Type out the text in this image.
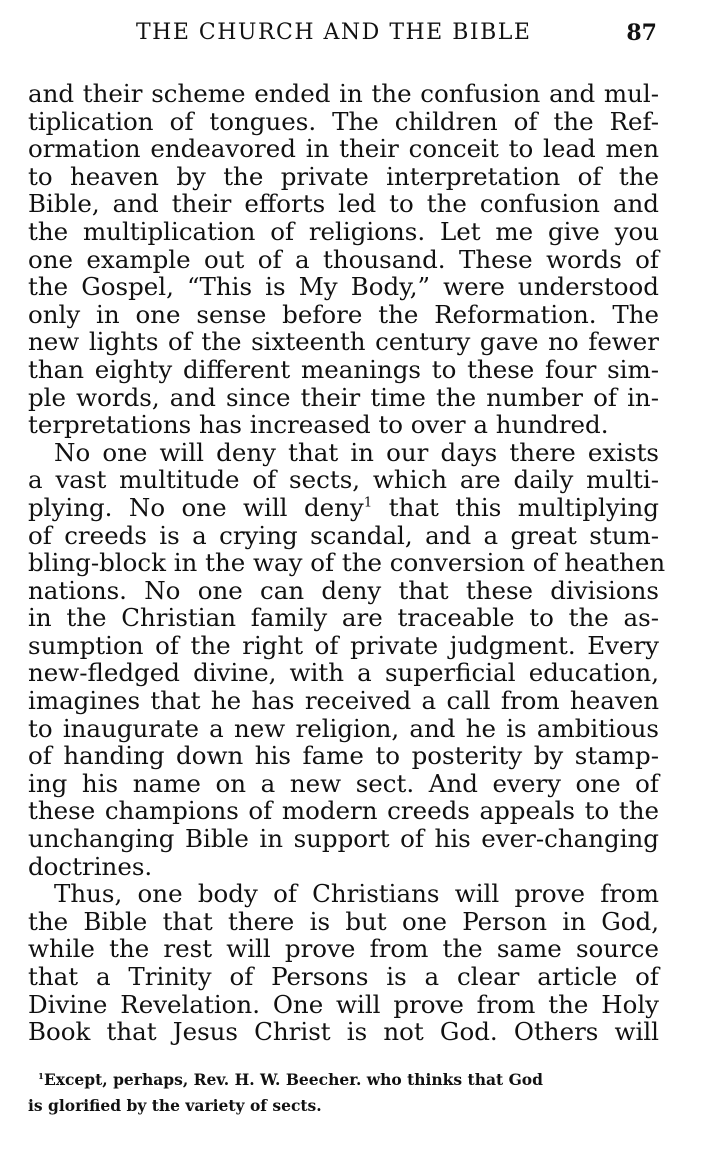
THE CHURCH AND THE BIBLE	87
and their scheme ended in the confusion and mul-
tiplication of tongues. The children of the Ref-
ormation endeavored in their conceit to lead men
to heaven by the private interpretation of the
Bible, and their efforts led to the confusion and
the multiplication of religions. Let me give you
one example out of a thousand. These words of
the Gospel, “This is My Body,” were understood
only in one sense before the Reformation. The
new lights of the sixteenth century gave no fewer
than eighty different meanings to these four sim-
ple words, and since their time the number of in-
terpretations has increased to over a hundred.
No one will deny that in our days there exists
a vast multitude of sects, which are daily multi-
plying. No one will deny$^1$ that this multiplying
of creeds is a crying scandal, and a great stum-
bling-block in the way of the conversion of heathen
nations. No one can deny that these divisions
in the Christian family are traceable to the as-
sumption of the right of private judgment. Every
new-fledged divine, with a superficial education,
imagines that he has received a call from heaven
to inaugurate a new religion, and he is ambitious
of handing down his fame to posterity by stamp-
ing his name on a new sect. And every one of
these champions of modern creeds appeals to the
unchanging Bible in support of his ever-changing
doctrines.
Thus, one body of Christians will prove from
the Bible that there is but one Person in God,
while the rest will prove from the same source
that a Trinity of Persons is a clear article of
Divine Revelation. One will prove from the Holy
Book that Jesus Christ is not God. Others will
$^1$Except, perhaps, Rev. H. W. Beecher. who thinks that God
is glorified by the variety of sects.
